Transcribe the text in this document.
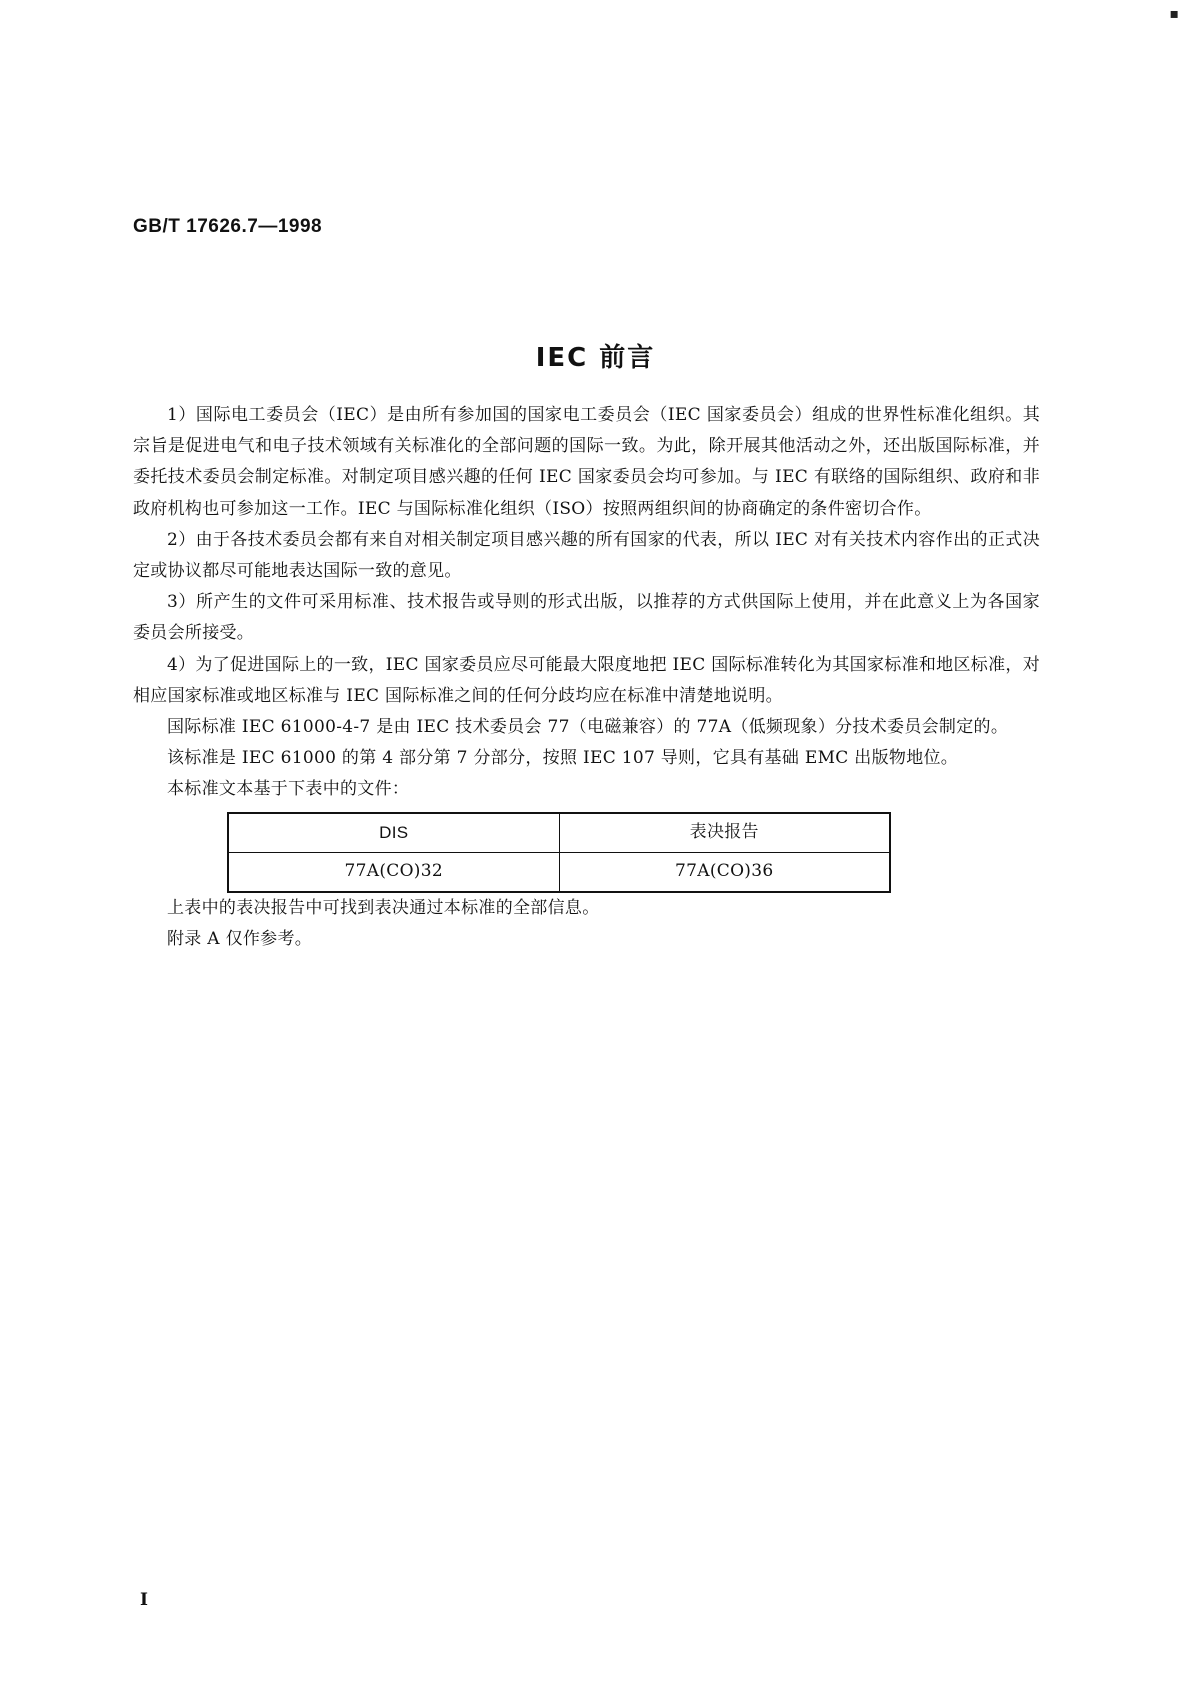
▪
GB/T 17626.7—1998
IEC 前言

1）国际电工委员会（IEC）是由所有参加国的国家电工委员会（IEC 国家委员会）组成的世界性标准化组织。其宗旨是促进电气和电子技术领域有关标准化的全部问题的国际一致。为此，除开展其他活动之外，还出版国际标准，并委托技术委员会制定标准。对制定项目感兴趣的任何 IEC 国家委员会均可参加。与 IEC 有联络的国际组织、政府和非政府机构也可参加这一工作。IEC 与国际标准化组织（ISO）按照两组织间的协商确定的条件密切合作。

2）由于各技术委员会都有来自对相关制定项目感兴趣的所有国家的代表，所以 IEC 对有关技术内容作出的正式决定或协议都尽可能地表达国际一致的意见。

3）所产生的文件可采用标准、技术报告或导则的形式出版，以推荐的方式供国际上使用，并在此意义上为各国家委员会所接受。

4）为了促进国际上的一致，IEC 国家委员应尽可能最大限度地把 IEC 国际标准转化为其国家标准和地区标准，对相应国家标准或地区标准与 IEC 国际标准之间的任何分歧均应在标准中清楚地说明。

国际标准 IEC 61000-4-7 是由 IEC 技术委员会 77（电磁兼容）的 77A（低频现象）分技术委员会制定的。

该标准是 IEC 61000 的第 4 部分第 7 分部分，按照 IEC 107 导则，它具有基础 EMC 出版物地位。

本标准文本基于下表中的文件：

DIS	表决报告
77A(CO)32	77A(CO)36

上表中的表决报告中可找到表决通过本标准的全部信息。

附录 A 仅作参考。

I
